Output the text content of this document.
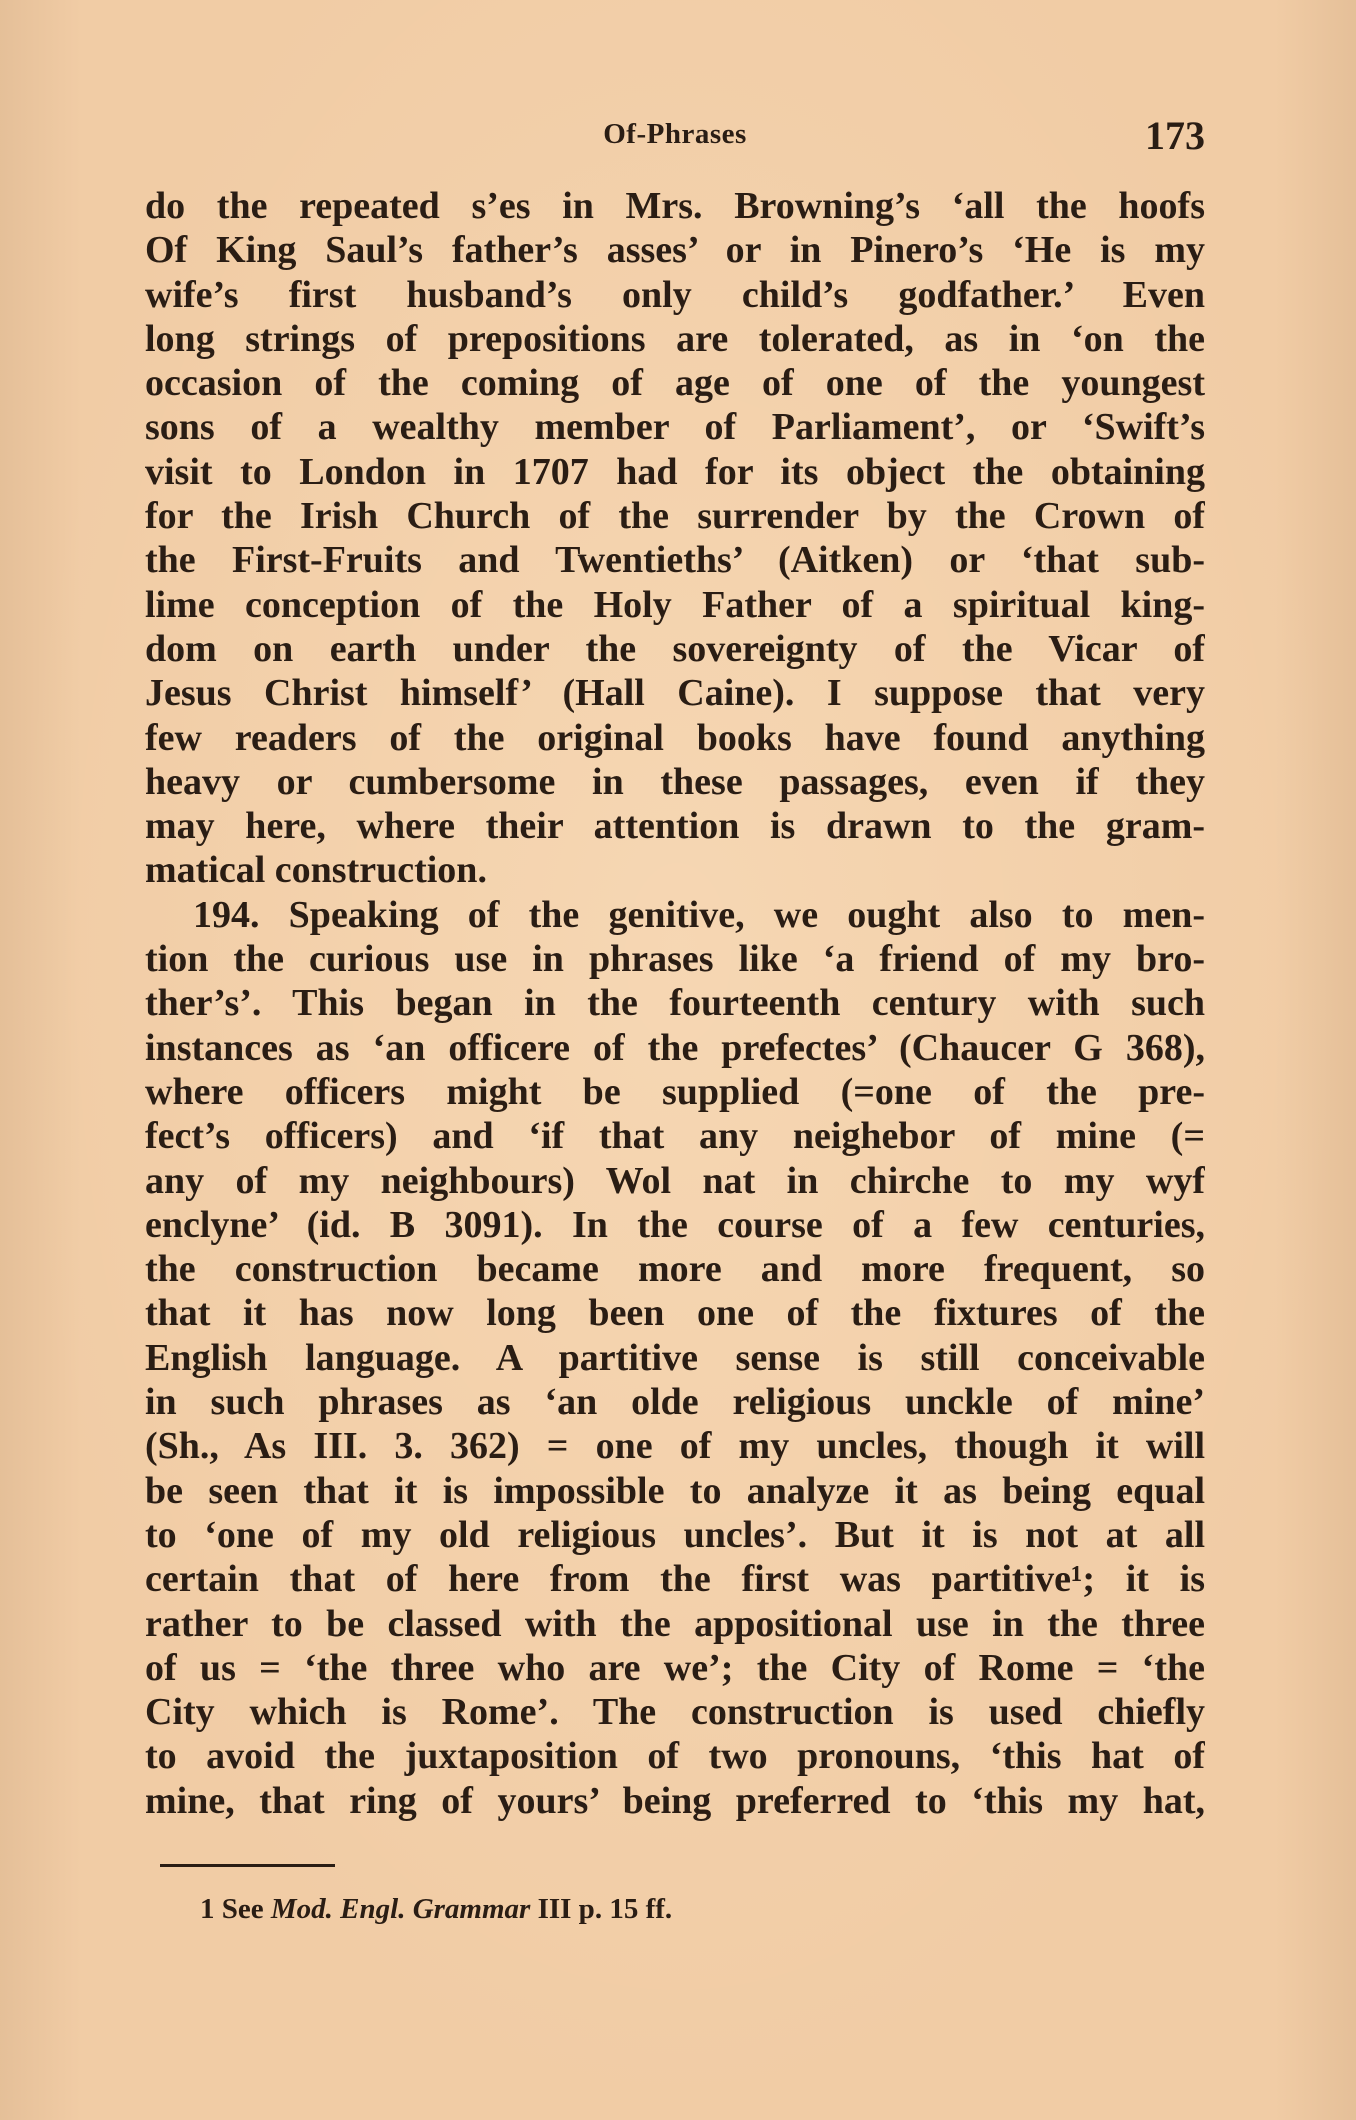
Of-Phrases	173
do the repeated s’es in Mrs. Browning’s ‘all the hoofs
Of King Saul’s father’s asses’ or in Pinero’s ‘He is my
wife’s first husband’s only child’s godfather.’ Even
long strings of prepositions are tolerated, as in ‘on the
occasion of the coming of age of one of the youngest
sons of a wealthy member of Parliament’, or ‘Swift’s
visit to London in 1707 had for its object the obtaining
for the Irish Church of the surrender by the Crown of
the First-Fruits and Twentieths’ (Aitken) or ‘that sub-
lime conception of the Holy Father of a spiritual king-
dom on earth under the sovereignty of the Vicar of
Jesus Christ himself’ (Hall Caine). I suppose that very
few readers of the original books have found anything
heavy or cumbersome in these passages, even if they
may here, where their attention is drawn to the gram-
matical construction.
194. Speaking of the genitive, we ought also to men-
tion the curious use in phrases like ‘a friend of my bro-
ther’s’. This began in the fourteenth century with such
instances as ‘an officere of the prefectes’ (Chaucer G 368),
where officers might be supplied (=one of the pre-
fect’s officers) and ‘if that any neighebor of mine (=
any of my neighbours) Wol nat in chirche to my wyf
enclyne’ (id. B 3091). In the course of a few centuries,
the construction became more and more frequent, so
that it has now long been one of the fixtures of the
English language. A partitive sense is still conceivable
in such phrases as ‘an olde religious unckle of mine’
(Sh., As III. 3. 362) = one of my uncles, though it will
be seen that it is impossible to analyze it as being equal
to ‘one of my old religious uncles’. But it is not at all
certain that of here from the first was partitive¹; it is
rather to be classed with the appositional use in the three
of us = ‘the three who are we’; the City of Rome = ‘the
City which is Rome’. The construction is used chiefly
to avoid the juxtaposition of two pronouns, ‘this hat of
mine, that ring of yours’ being preferred to ‘this my hat,
1 See Mod. Engl. Grammar III p. 15 ff.
